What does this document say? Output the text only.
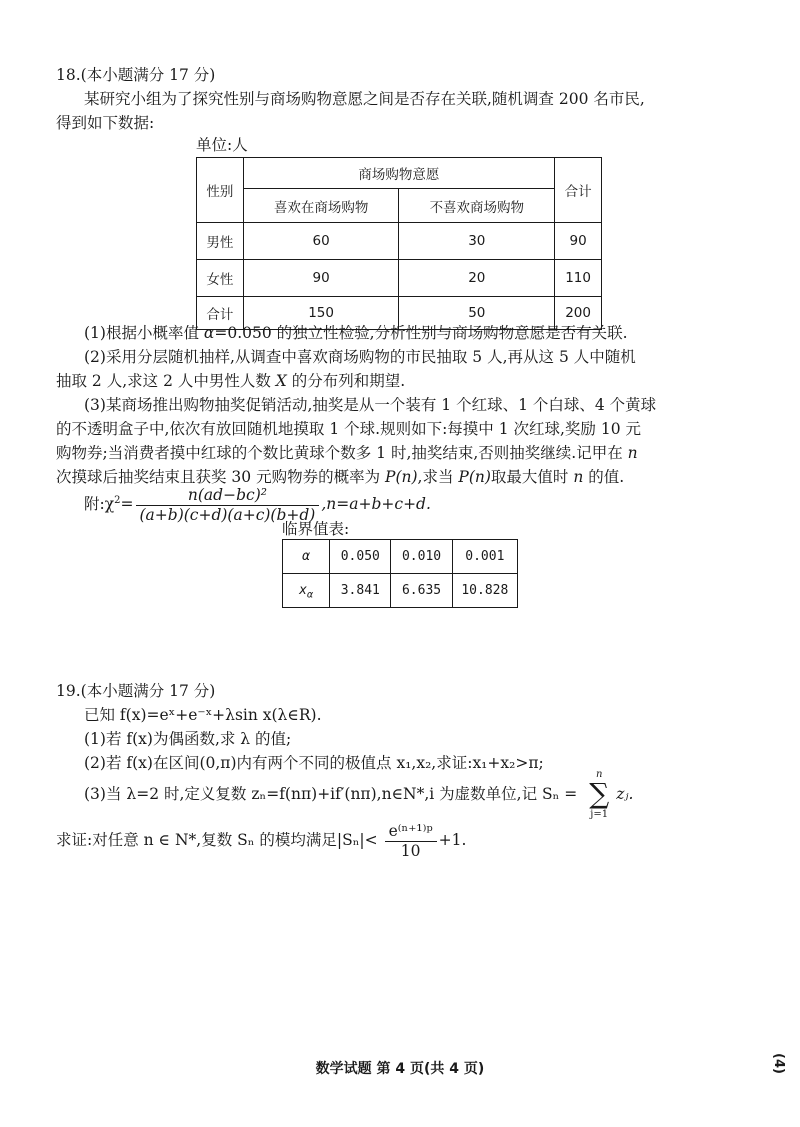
18.(本小题满分 17 分)
某研究小组为了探究性别与商场购物意愿之间是否存在关联,随机调查 200 名市民,
得到如下数据:
单位:人
性别	商场购物意愿		合计
	喜欢在商场购物	不喜欢商场购物	
男性	60	30	90
女性	90	20	110
合计	150	50	200
(1)根据小概率值 α=0.050 的独立性检验,分析性别与商场购物意愿是否有关联.
(2)采用分层随机抽样,从调查中喜欢商场购物的市民抽取 5 人,再从这 5 人中随机
抽取 2 人,求这 2 人中男性人数 X 的分布列和期望.
(3)某商场推出购物抽奖促销活动,抽奖是从一个装有 1 个红球、1 个白球、4 个黄球
的不透明盒子中,依次有放回随机地摸取 1 个球.规则如下:每摸中 1 次红球,奖励 10 元
购物券;当消费者摸中红球的个数比黄球个数多 1 时,抽奖结束,否则抽奖继续.记甲在 n
次摸球后抽奖结束且获奖 30 元购物券的概率为 P(n),求当 P(n)取最大值时 n 的值.
附$:\chi^2= \frac{\text{n(ad−bc)²}}{(a+b)(c+d)(a+c)(b+d)} ,n=a+b+c+d$.
临界值表:
α	0.050	0.010	0.001
$x_\alpha$	3.841	6.635	10.828
19.(本小题满分 17 分)
已知 f(x)=eˣ+e⁻ˣ+λsin x(λ∈R).
(1)若 f(x)为偶函数,求 λ 的值;
(2)若 f(x)在区间(0,π)内有两个不同的极值点 x₁,x₂,求证:x₁+x₂>π;
(3)当 λ=2 时,定义复数 zₙ=f(nπ)+if′(nπ),n∈N*,i 为虚数单位,记 Sₙ =
n
∑
j=1
zⱼ.
求证:对任意 n ∈ N*,复数 Sₙ 的模均满足$|S_n|< \frac{\text{e⁽ⁿ⁺¹⁾ᵖ}}{10} +1$.
数学试题 第 4 页(共 4 页)	(4)
